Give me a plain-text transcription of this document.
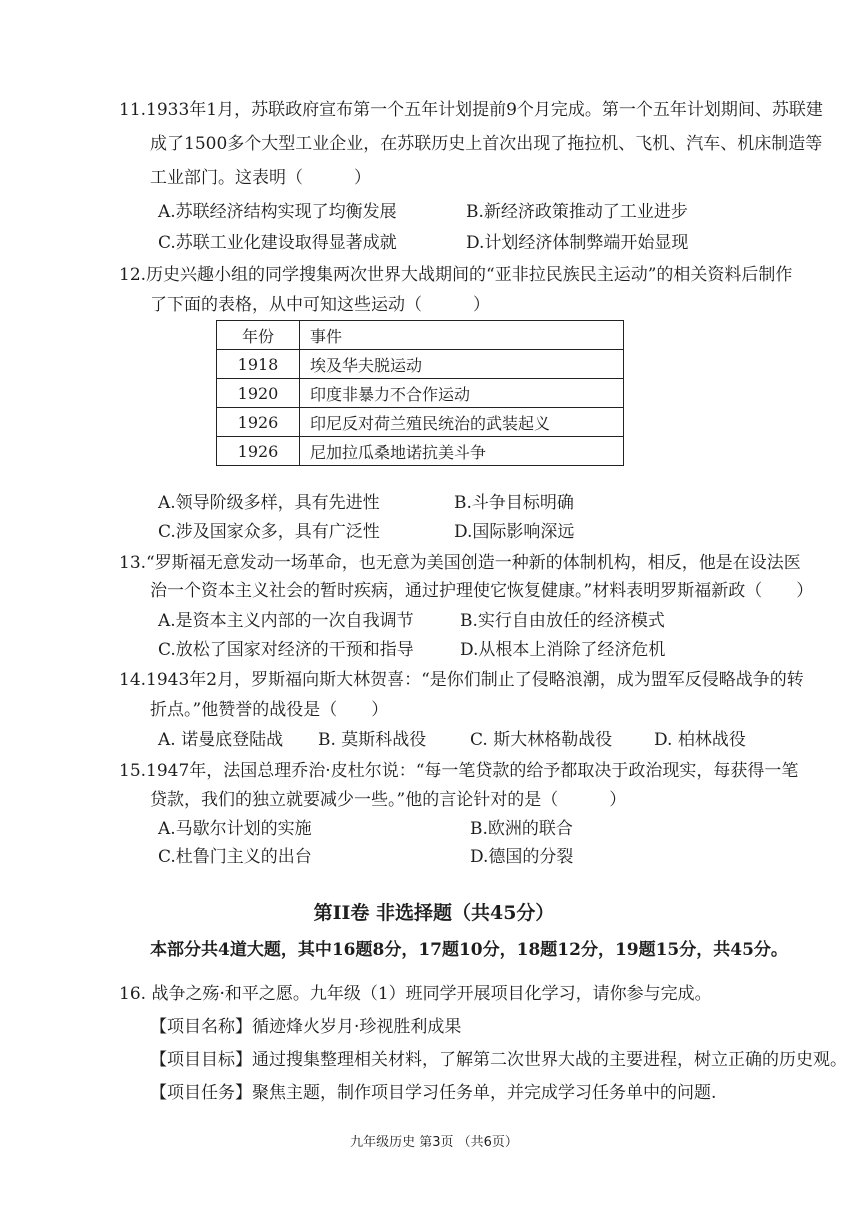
11.1933年1月，苏联政府宣布第一个五年计划提前9个月完成。第一个五年计划期间、苏联建
成了1500多个大型工业企业，在苏联历史上首次出现了拖拉机、飞机、汽车、机床制造等
工业部门。这表明（　　　）
A.苏联经济结构实现了均衡发展	B.新经济政策推动了工业进步
C.苏联工业化建设取得显著成就	D.计划经济体制弊端开始显现
12.历史兴趣小组的同学搜集两次世界大战期间的“亚非拉民族民主运动”的相关资料后制作
了下面的表格，从中可知这些运动（　　　）
年份	事件
1918	埃及华夫脱运动
1920	印度非暴力不合作运动
1926	印尼反对荷兰殖民统治的武装起义
1926	尼加拉瓜桑地诺抗美斗争
A.领导阶级多样，具有先进性	B.斗争目标明确
C.涉及国家众多，具有广泛性	D.国际影响深远
13.“罗斯福无意发动一场革命，也无意为美国创造一种新的体制机构，相反，他是在设法医
治一个资本主义社会的暂时疾病，通过护理使它恢复健康。”材料表明罗斯福新政（　　）
A.是资本主义内部的一次自我调节	B.实行自由放任的经济模式
C.放松了国家对经济的干预和指导	D.从根本上消除了经济危机
14.1943年2月，罗斯福向斯大林贺喜：“是你们制止了侵略浪潮，成为盟军反侵略战争的转
折点。”他赞誉的战役是（　　）
A. 诺曼底登陆战 B. 莫斯科战役	C. 斯大林格勒战役 D. 柏林战役
15.1947年，法国总理乔治·皮杜尔说：“每一笔贷款的给予都取决于政治现实，每获得一笔
贷款，我们的独立就要减少一些。”他的言论针对的是（　　　）
A.马歇尔计划的实施	B.欧洲的联合
C.杜鲁门主义的出台	D.德国的分裂
第II卷 非选择题（共45分）
本部分共4道大题，其中16题8分，17题10分，18题12分，19题15分，共45分。
16. 战争之殇·和平之愿。九年级（1）班同学开展项目化学习，请你参与完成。
【项目名称】循迹烽火岁月·珍视胜利成果
【项目目标】通过搜集整理相关材料，了解第二次世界大战的主要进程，树立正确的历史观。
【项目任务】聚焦主题，制作项目学习任务单，并完成学习任务单中的问题.
九年级历史 第3页 （共6页）
